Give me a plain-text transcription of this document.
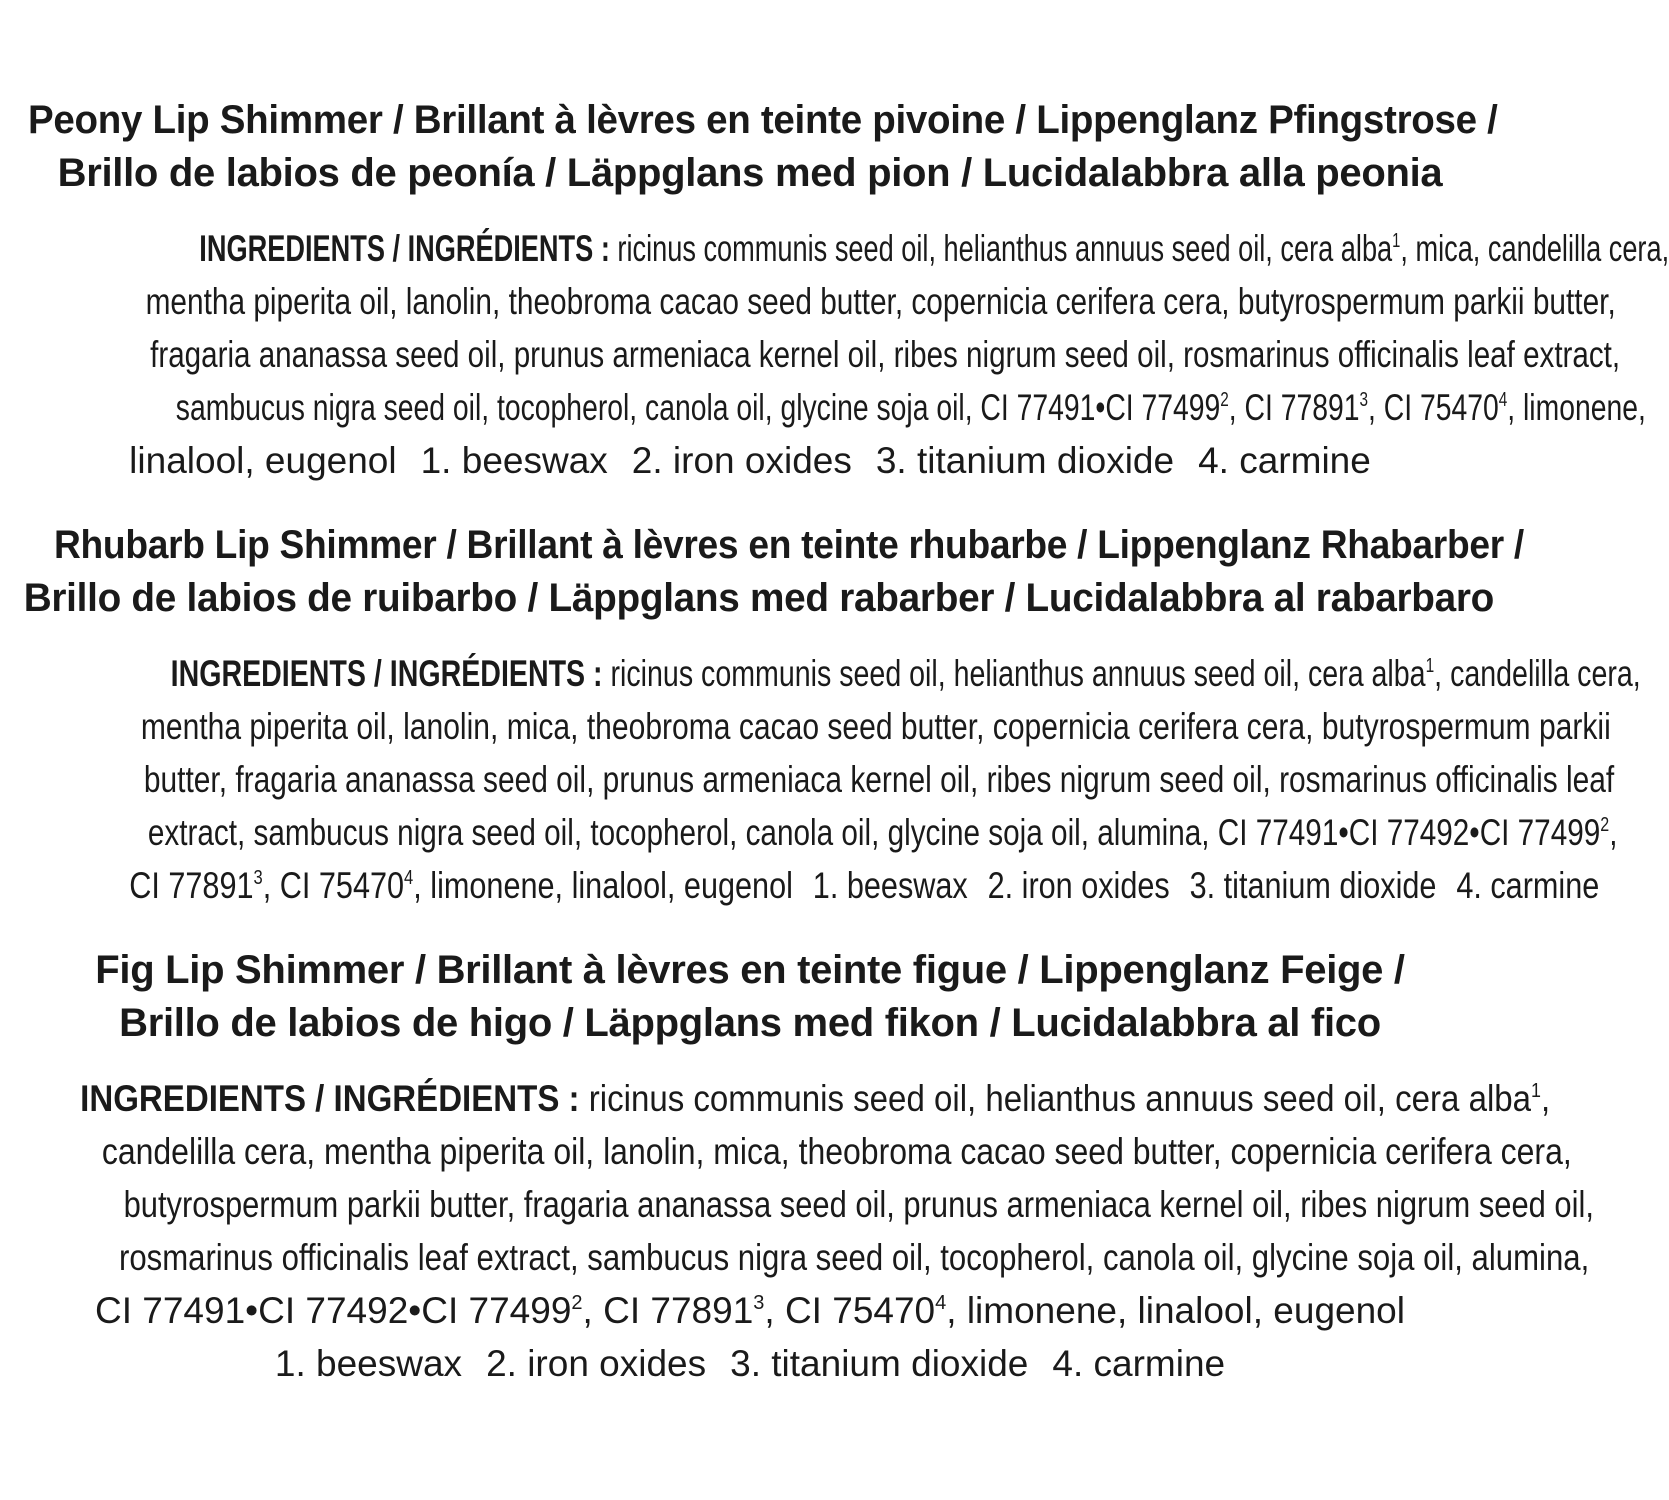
Peony Lip Shimmer / Brillant à lèvres en teinte pivoine / Lippenglanz Pfingstrose /
Brillo de labios de peonía / Läppglans med pion / Lucidalabbra alla peonia
INGREDIENTS / INGRÉDIENTS : ricinus communis seed oil, helianthus annuus seed oil, cera alba$^1$, mica, candelilla cera,
mentha piperita oil, lanolin, theobroma cacao seed butter, copernicia cerifera cera, butyrospermum parkii butter,
fragaria ananassa seed oil, prunus armeniaca kernel oil, ribes nigrum seed oil, rosmarinus officinalis leaf extract,
sambucus nigra seed oil, tocopherol, canola oil, glycine soja oil, CI 77491•CI 77499$^2$, CI 77891$^3$, CI 75470$^4$, limonene,
linalool, eugenol 1. beeswax 2. iron oxides 3. titanium dioxide 4. carmine
Rhubarb Lip Shimmer / Brillant à lèvres en teinte rhubarbe / Lippenglanz Rhabarber /
Brillo de labios de ruibarbo / Läppglans med rabarber / Lucidalabbra al rabarbaro
INGREDIENTS / INGRÉDIENTS : ricinus communis seed oil, helianthus annuus seed oil, cera alba$^1$, candelilla cera,
mentha piperita oil, lanolin, mica, theobroma cacao seed butter, copernicia cerifera cera, butyrospermum parkii
butter, fragaria ananassa seed oil, prunus armeniaca kernel oil, ribes nigrum seed oil, rosmarinus officinalis leaf
extract, sambucus nigra seed oil, tocopherol, canola oil, glycine soja oil, alumina, CI 77491•CI 77492•CI 77499$^2$,
CI 77891$^3$, CI 75470$^4$, limonene, linalool, eugenol 1. beeswax 2. iron oxides 3. titanium dioxide 4. carmine
Fig Lip Shimmer / Brillant à lèvres en teinte figue / Lippenglanz Feige /
Brillo de labios de higo / Läppglans med fikon / Lucidalabbra al fico
INGREDIENTS / INGRÉDIENTS : ricinus communis seed oil, helianthus annuus seed oil, cera alba$^1$,
candelilla cera, mentha piperita oil, lanolin, mica, theobroma cacao seed butter, copernicia cerifera cera,
butyrospermum parkii butter, fragaria ananassa seed oil, prunus armeniaca kernel oil, ribes nigrum seed oil,
rosmarinus officinalis leaf extract, sambucus nigra seed oil, tocopherol, canola oil, glycine soja oil, alumina,
CI 77491•CI 77492•CI 77499$^2$, CI 77891$^3$, CI 75470$^4$, limonene, linalool, eugenol
1. beeswax 2. iron oxides 3. titanium dioxide 4. carmine
